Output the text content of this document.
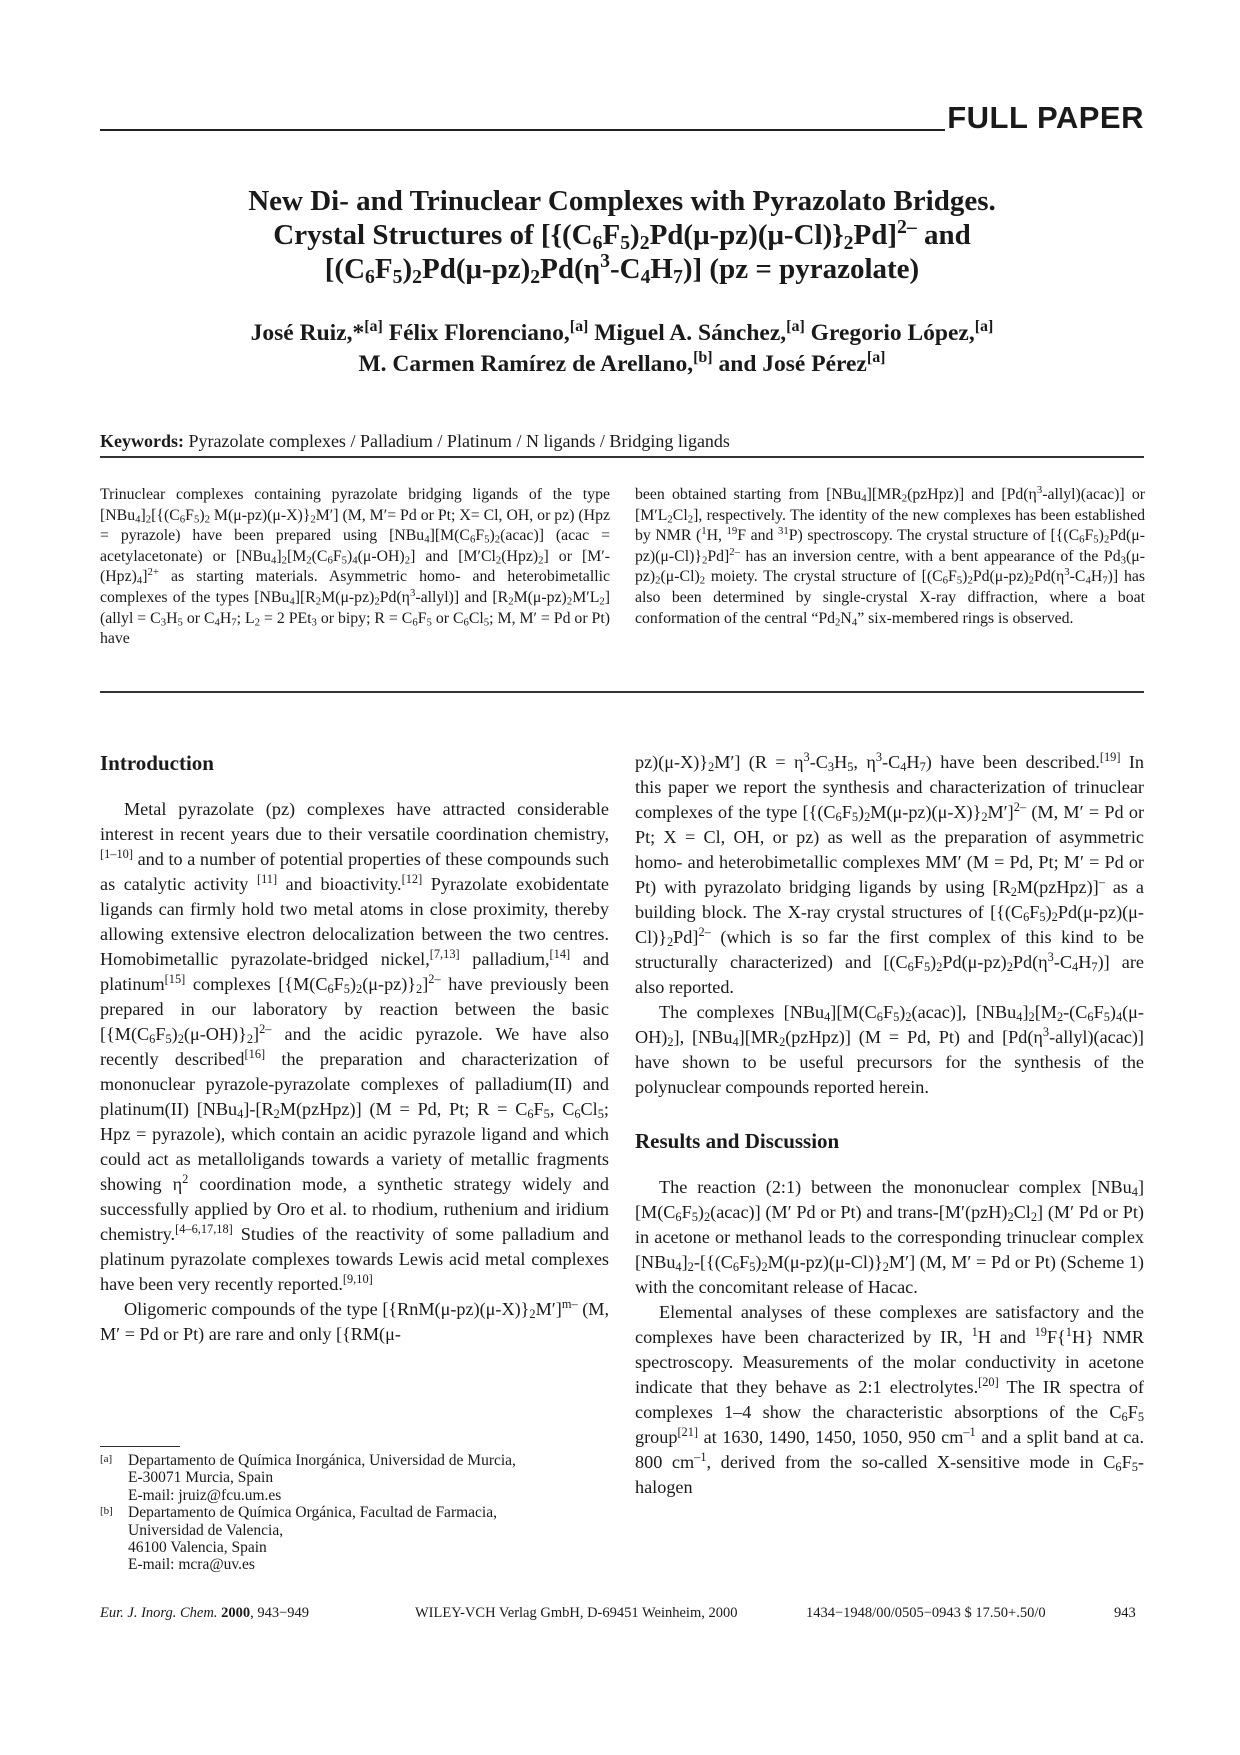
FULL PAPER
New Di- and Trinuclear Complexes with Pyrazolato Bridges.
Crystal Structures of $[\{(C_6F_5)_2Pd(\mu-pz)(\mu-Cl)\}_2Pd]^{2-}$ and
$[(C_6F_5)_2Pd(\mu-pz)_2Pd(\eta^3-C_4H_7)] (pz$ = pyrazolate)
José Ruiz,*[a] Félix Florenciano,[a] Miguel A. Sánchez,[a] Gregorio López,[a]
M. Carmen Ramírez de Arellano,[b] and José Pérez[a]
Keywords: Pyrazolate complexes / Palladium / Platinum / N ligands / Bridging ligands

Trinuclear complexes containing pyrazolate bridging ligands of the type $[NBu_4]_2[\{(C_6F_5)_2$ $M(\mu-pz)(\mu-X)\}_2M'$] (M, M′= Pd or Pt; X= Cl, OH, or pz) (Hpz = pyrazole) have been prepared using $[NBu_4][M(C_6F_5)_2(acac)]$ (acac = acetylacetonate) or $[NBu_4]_2[M_2(C_6F_5)_4(\mu-OH)_2]$ and $[M'Cl_2(Hpz)_2]$ or $[M'-(Hpz)_4]^{2+}$ as starting materials. Asymmetric homo- and heterobimetallic complexes of the types $[NBu_4][R_2M(\mu-pz)_2Pd(\eta^3-allyl)]$ and $[R_2M(\mu-pz)_2M'L_2]$ (allyl = $C_3H_5$ or $C_4H_7$; $L_2 = 2$ PEt$_3$ or bipy; $R = C_6F_5$ or $C_6Cl_5$; M, M′ = Pd or Pt) have

been obtained starting from $[NBu_4][MR_2(pzHpz)]$ and $[Pd(\eta^3-allyl)(acac)]$ or $[M'L_2Cl_2]$, respectively. The identity of the new complexes has been established by NMR ($^1$H, $^{19}$F and $^{31}$P) spectroscopy. The crystal structure of $[\{(C_6F_5)_2Pd(\mu-pz)(\mu-Cl)\}_2Pd]^{2-}$ has an inversion centre, with a bent appearance of the $Pd_3(\mu-pz)_2(\mu-Cl)_2$ moiety. The crystal structure of $[(C_6F_5)_2Pd(\mu-pz)_2Pd(\eta^3-C_4H_7)]$ has also been determined by single-crystal X-ray diffraction, where a boat conformation of the central “$Pd_2N_4$” six-membered rings is observed.

Introduction

Metal pyrazolate (pz) complexes have attracted considerable interest in recent years due to their versatile coordination chemistry,[1–10] and to a number of potential properties of these compounds such as catalytic activity [11] and bioactivity.[12] Pyrazolate exobidentate ligands can firmly hold two metal atoms in close proximity, thereby allowing extensive electron delocalization between the two centres. Homobimetallic pyrazolate-bridged nickel,[7,13] palladium,[14] and platinum[15] complexes $[\{M(C_6F_5)_2(\mu-pz)\}_2]^{2-}$ have previously been prepared in our laboratory by reaction between the basic $[\{M(C_6F_5)_2(\mu-OH)\}_2]^{2-}$ and the acidic pyrazole. We have also recently described[16] the preparation and characterization of mononuclear pyrazole-pyrazolate complexes of palladium(II) and platinum(II) $[NBu_4]-[R_2M(pzHpz)] (M = Pd$, Pt; $R = C_6F_5$, $C_6Cl_5$; Hpz = pyrazole), which contain an acidic pyrazole ligand and which could act as metalloligands towards a variety of metallic fragments showing $\eta^2$ coordination mode, a synthetic strategy widely and successfully applied by Oro et al. to rhodium, ruthenium and iridium chemistry.[4–6,17,18] Studies of the reactivity of some palladium and platinum pyrazolate complexes towards Lewis acid metal complexes have been very recently reported.[9,10]

Oligomeric compounds of the type $[\{RnM(\mu-pz)(\mu-X)\}_2M']^{m-}$ (M, M′ = Pd or Pt) are rare and only [{RM(μ-

$pz)(\mu-X)\}_2M'$] ($R = \eta^3-C_3H_5$, $\eta^3-C_4H_7$) have been described.[19] In this paper we report the synthesis and characterization of trinuclear complexes of the type $[\{(C_6F_5)_2M(\mu-pz)(\mu-X)\}_2M']^{2-}$ (M, M′ = Pd or Pt; X = Cl, OH, or pz) as well as the preparation of asymmetric homo- and heterobimetallic complexes MM′ (M = Pd, Pt; M′ = Pd or Pt) with pyrazolato bridging ligands by using $[R_2M(pzHpz)]^-$ as a building block. The X-ray crystal structures of $[\{(C_6F_5)_2Pd(\mu-pz)(\mu-Cl)\}_2Pd]^{2-}$ (which is so far the first complex of this kind to be structurally characterized) and $[(C_6F_5)_2Pd(\mu-pz)_2Pd(\eta^3-C_4H_7)]$ are also reported.

The complexes $[NBu_4][M(C_6F_5)_2(acac)]$, $[NBu_4]_2[M_2-(C_6F_5)_4(\mu-OH)_2]$, $[NBu_4][MR_2(pzHpz)] (M = Pd$, Pt) and $[Pd(\eta^3-allyl)(acac)]$ have shown to be useful precursors for the synthesis of the polynuclear compounds reported herein.

Results and Discussion

The reaction (2:1) between the mononuclear complex $[NBu_4][M(C_6F_5)_2(acac)]$ (M′ Pd or Pt) and trans-$[M'(pzH)_2Cl_2]$ (M′ Pd or Pt) in acetone or methanol leads to the corresponding trinuclear complex $[NBu_4]_2-[\{(C_6F_5)_2M(\mu-pz)(\mu-Cl)\}_2M']$ (M, M′ = Pd or Pt) (Scheme 1) with the concomitant release of Hacac.

Elemental analyses of these complexes are satisfactory and the complexes have been characterized by IR, $^1$H and $^{19}$F{$^1$H} NMR spectroscopy. Measurements of the molar conductivity in acetone indicate that they behave as 2:1 electrolytes.[20] The IR spectra of complexes 1–4 show the characteristic absorptions of the $C_6F_5$ group[21] at 1630, 1490, 1450, 1050, 950 $cm^{-1}$ and a split band at ca. 800 $cm^{-1}$, derived from the so-called X-sensitive mode in $C_6F_5$-halogen

[a]	Departamento de Química Inorgánica, Universidad de Murcia,
E-30071 Murcia, Spain
E-mail: jruiz@fcu.um.es
[b] Departamento de Química Orgánica, Facultad de Farmacia,
Universidad de Valencia,
46100 Valencia, Spain
E-mail: mcra@uv.es
Eur. J. Inorg. Chem. 2000, 943−949	WILEY-VCH Verlag GmbH, D-69451 Weinheim, 2000	1434−1948/00/0505−0943 $ 17.50+.50/0	943
